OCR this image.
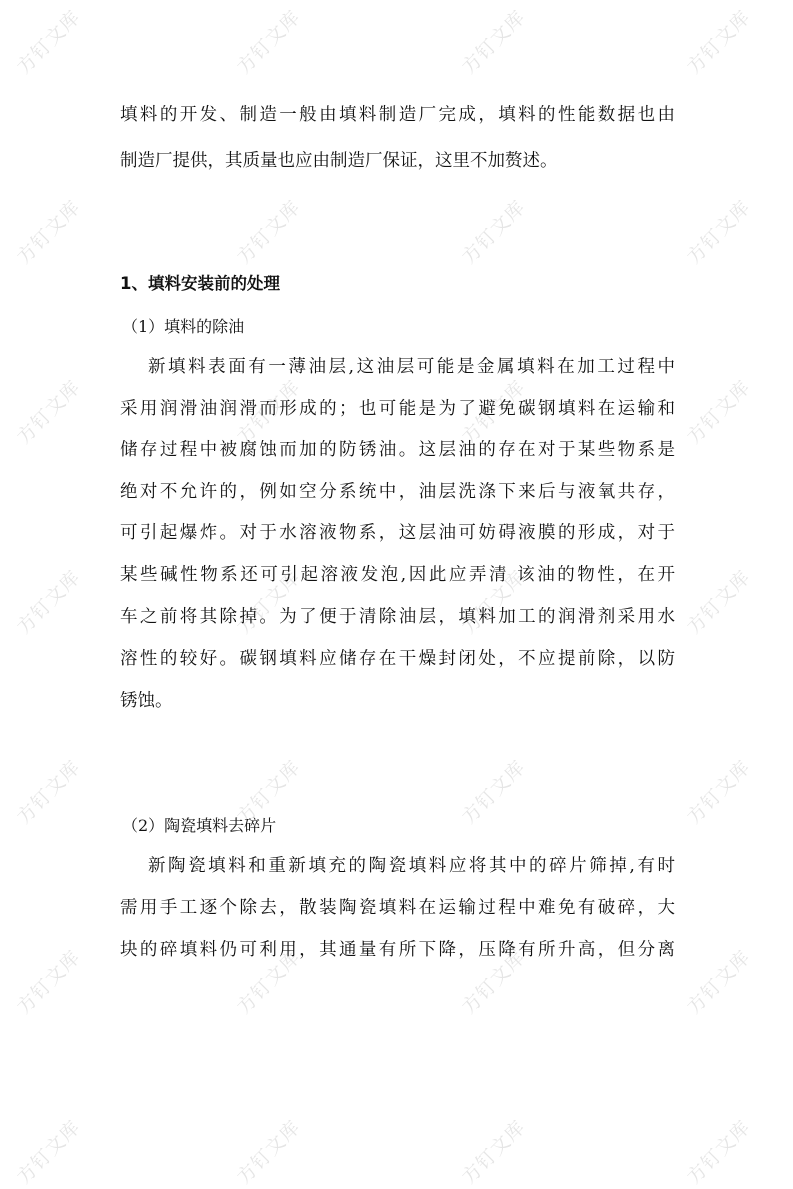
方钉文库	方钉文库	方钉文库	方钉文库
方钉文库	方钉文库	方钉文库	方钉文库
方钉文库	方钉文库	方钉文库	方钉文库
方钉文库	方钉文库	方钉文库	方钉文库
方钉文库	方钉文库	方钉文库	方钉文库
方钉文库	方钉文库	方钉文库	方钉文库
方钉文库	方钉文库	方钉文库	方钉文库
填料的开发、制造一般由填料制造厂完成，填料的性能数据也由
制造厂提供，其质量也应由制造厂保证，这里不加赘述。
1、填料安装前的处理
（1）填料的除油
新填料表面有一薄油层,这油层可能是金属填料在加工过程中
采用润滑油润滑而形成的；也可能是为了避免碳钢填料在运输和
储存过程中被腐蚀而加的防锈油。这层油的存在对于某些物系是
绝对不允许的，例如空分系统中，油层洗涤下来后与液氧共存，
可引起爆炸。对于水溶液物系，这层油可妨碍液膜的形成，对于
某些碱性物系还可引起溶液发泡,因此应弄清 该油的物性，在开
车之前将其除掉。为了便于清除油层，填料加工的润滑剂采用水
溶性的较好。碳钢填料应储存在干燥封闭处，不应提前除，以防
锈蚀。
（2）陶瓷填料去碎片
新陶瓷填料和重新填充的陶瓷填料应将其中的碎片筛掉,有时
需用手工逐个除去，散装陶瓷填料在运输过程中难免有破碎，大
块的碎填料仍可利用，其通量有所下降，压降有所升高，但分离
